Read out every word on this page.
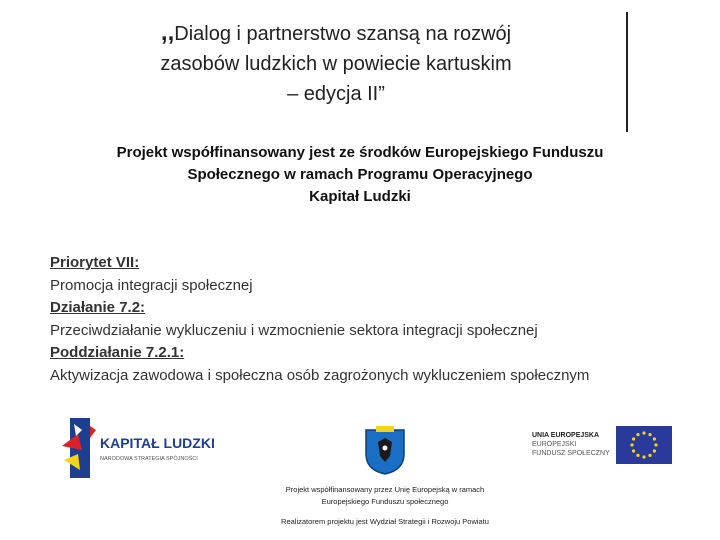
,,Dialog i partnerstwo szansą na rozwój
zasobów ludzkich w powiecie kartuskim
– edycja II”
Projekt współfinansowany jest ze środków Europejskiego Funduszu
Społecznego w ramach Programu Operacyjnego
Kapitał Ludzki
Priorytet VII:
Promocja integracji społecznej
Działanie 7.2:
Przeciwdziałanie wykluczeniu i wzmocnienie sektora integracji społecznej
Poddziałanie 7.2.1:
Aktywizacja zawodowa i społeczna osób zagrożonych wykluczeniem społecznym
KAPITAŁ LUDZKI
NARODOWA STRATEGIA SPÓJNOŚCI
UNIA EUROPEJSKA
EUROPEJSKI
FUNDUSZ SPOŁECZNY
Projekt współfinansowany przez Unię Europejską w ramach
Europejskiego Funduszu społecznego
Realizatorem projektu jest Wydział Strategii i Rozwoju Powiatu
